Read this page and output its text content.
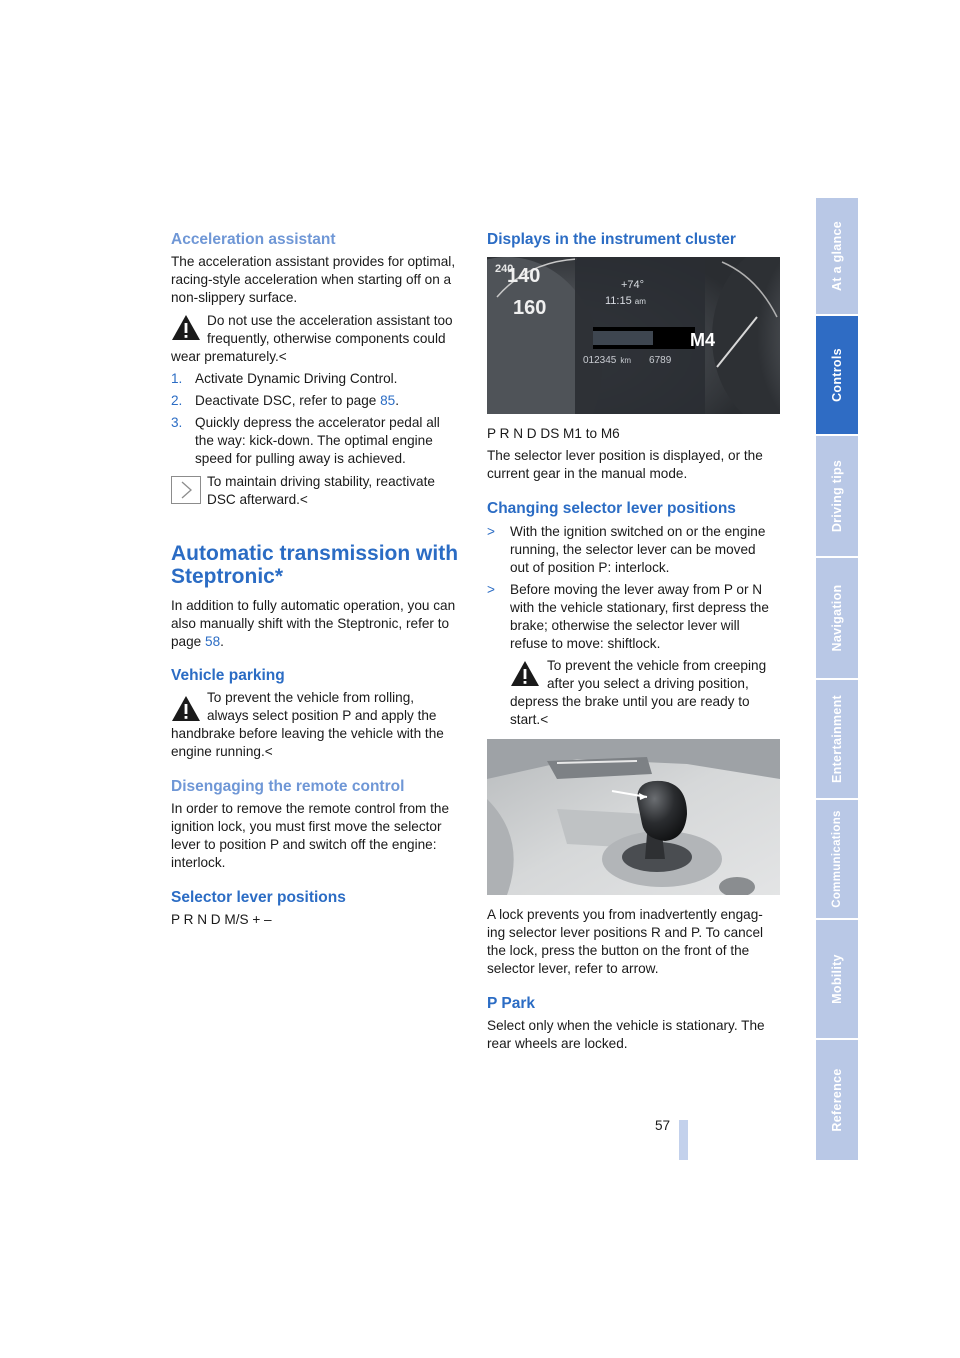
Acceleration assistant

The acceleration assistant provides for optimal, racing-style acceleration when starting off on a non-slippery surface.

Do not use the acceleration assistant too
frequently, otherwise components could
wear prematurely.<
1. Activate Dynamic Driving Control.
2. Deactivate DSC, refer to page 85.
3. Quickly depress the accelerator pedal all
the way: kick-down. The optimal engine
speed for pulling away is achieved.
To maintain driving stability, reactivate
DSC afterward.<
Automatic transmission with
Steptronic*

In addition to fully automatic operation, you can also manually shift with the Steptronic, refer to page 58.

Vehicle parking
To prevent the vehicle from rolling,
always select position P and apply the
handbrake before leaving the vehicle with the
engine running.<
Disengaging the remote control

In order to remove the remote control from the ignition lock, you must first move the selector lever to position P and switch off the engine: interlock.

Selector lever positions
P R N D M/S + –
Displays in the instrument cluster
M4
+74°
11:15 am
012345 km 6789
240
140
160
P R N D DS M1 to M6

The selector lever position is displayed, or the current gear in the manual mode.

Changing selector lever positions
> With the ignition switched on or the engine
running, the selector lever can be moved
out of position P: interlock.
> Before moving the lever away from P or N
with the vehicle stationary, first depress the
brake; otherwise the selector lever will
refuse to move: shiftlock.
To prevent the vehicle from creeping
after you select a driving position,
depress the brake until you are ready to
start.<
A lock prevents you from inadvertently engag-
ing selector lever positions R and P. To cancel
the lock, press the button on the front of the
selector lever, refer to arrow.
P Park

Select only when the vehicle is stationary. The rear wheels are locked.

57
At a glance
Controls
Driving tips
Navigation
Entertainment
Communications
Mobility
Reference
